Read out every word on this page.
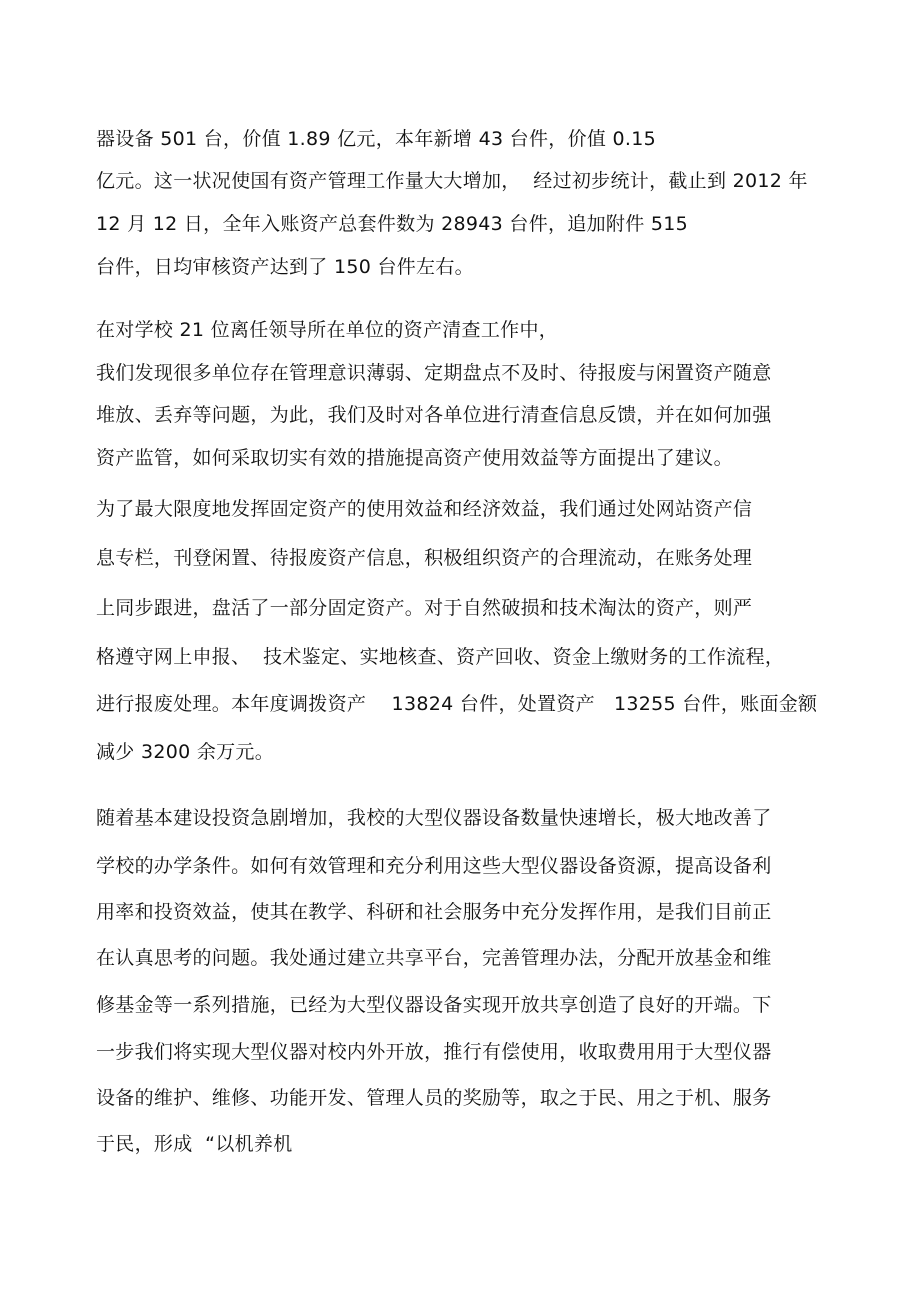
器设备 501 台，价值 1.89 亿元，本年新增 43 台件，价值 0.15
亿元。这一状况使国有资产管理工作量大大增加，  经过初步统计，截止到 2012 年
12 月 12 日，全年入账资产总套件数为 28943 台件，追加附件 515
台件，日均审核资产达到了 150 台件左右。
在对学校 21 位离任领导所在单位的资产清查工作中，
我们发现很多单位存在管理意识薄弱、定期盘点不及时、待报废与闲置资产随意
堆放、丢弃等问题，为此，我们及时对各单位进行清查信息反馈，并在如何加强
资产监管，如何采取切实有效的措施提高资产使用效益等方面提出了建议。
为了最大限度地发挥固定资产的使用效益和经济效益，我们通过处网站资产信
息专栏，刊登闲置、待报废资产信息，积极组织资产的合理流动，在账务处理
上同步跟进，盘活了一部分固定资产。对于自然破损和技术淘汰的资产，则严
格遵守网上申报、  技术鉴定、实地核查、资产回收、资金上缴财务的工作流程，
进行报废处理。本年度调拨资产    13824 台件，处置资产   13255 台件，账面金额
减少 3200 余万元。
随着基本建设投资急剧增加，我校的大型仪器设备数量快速增长，极大地改善了
学校的办学条件。如何有效管理和充分利用这些大型仪器设备资源，提高设备利
用率和投资效益，使其在教学、科研和社会服务中充分发挥作用，是我们目前正
在认真思考的问题。我处通过建立共享平台，完善管理办法，分配开放基金和维
修基金等一系列措施，已经为大型仪器设备实现开放共享创造了良好的开端。下
一步我们将实现大型仪器对校内外开放，推行有偿使用，收取费用用于大型仪器
设备的维护、维修、功能开发、管理人员的奖励等，取之于民、用之于机、服务
于民，形成  “以机养机
